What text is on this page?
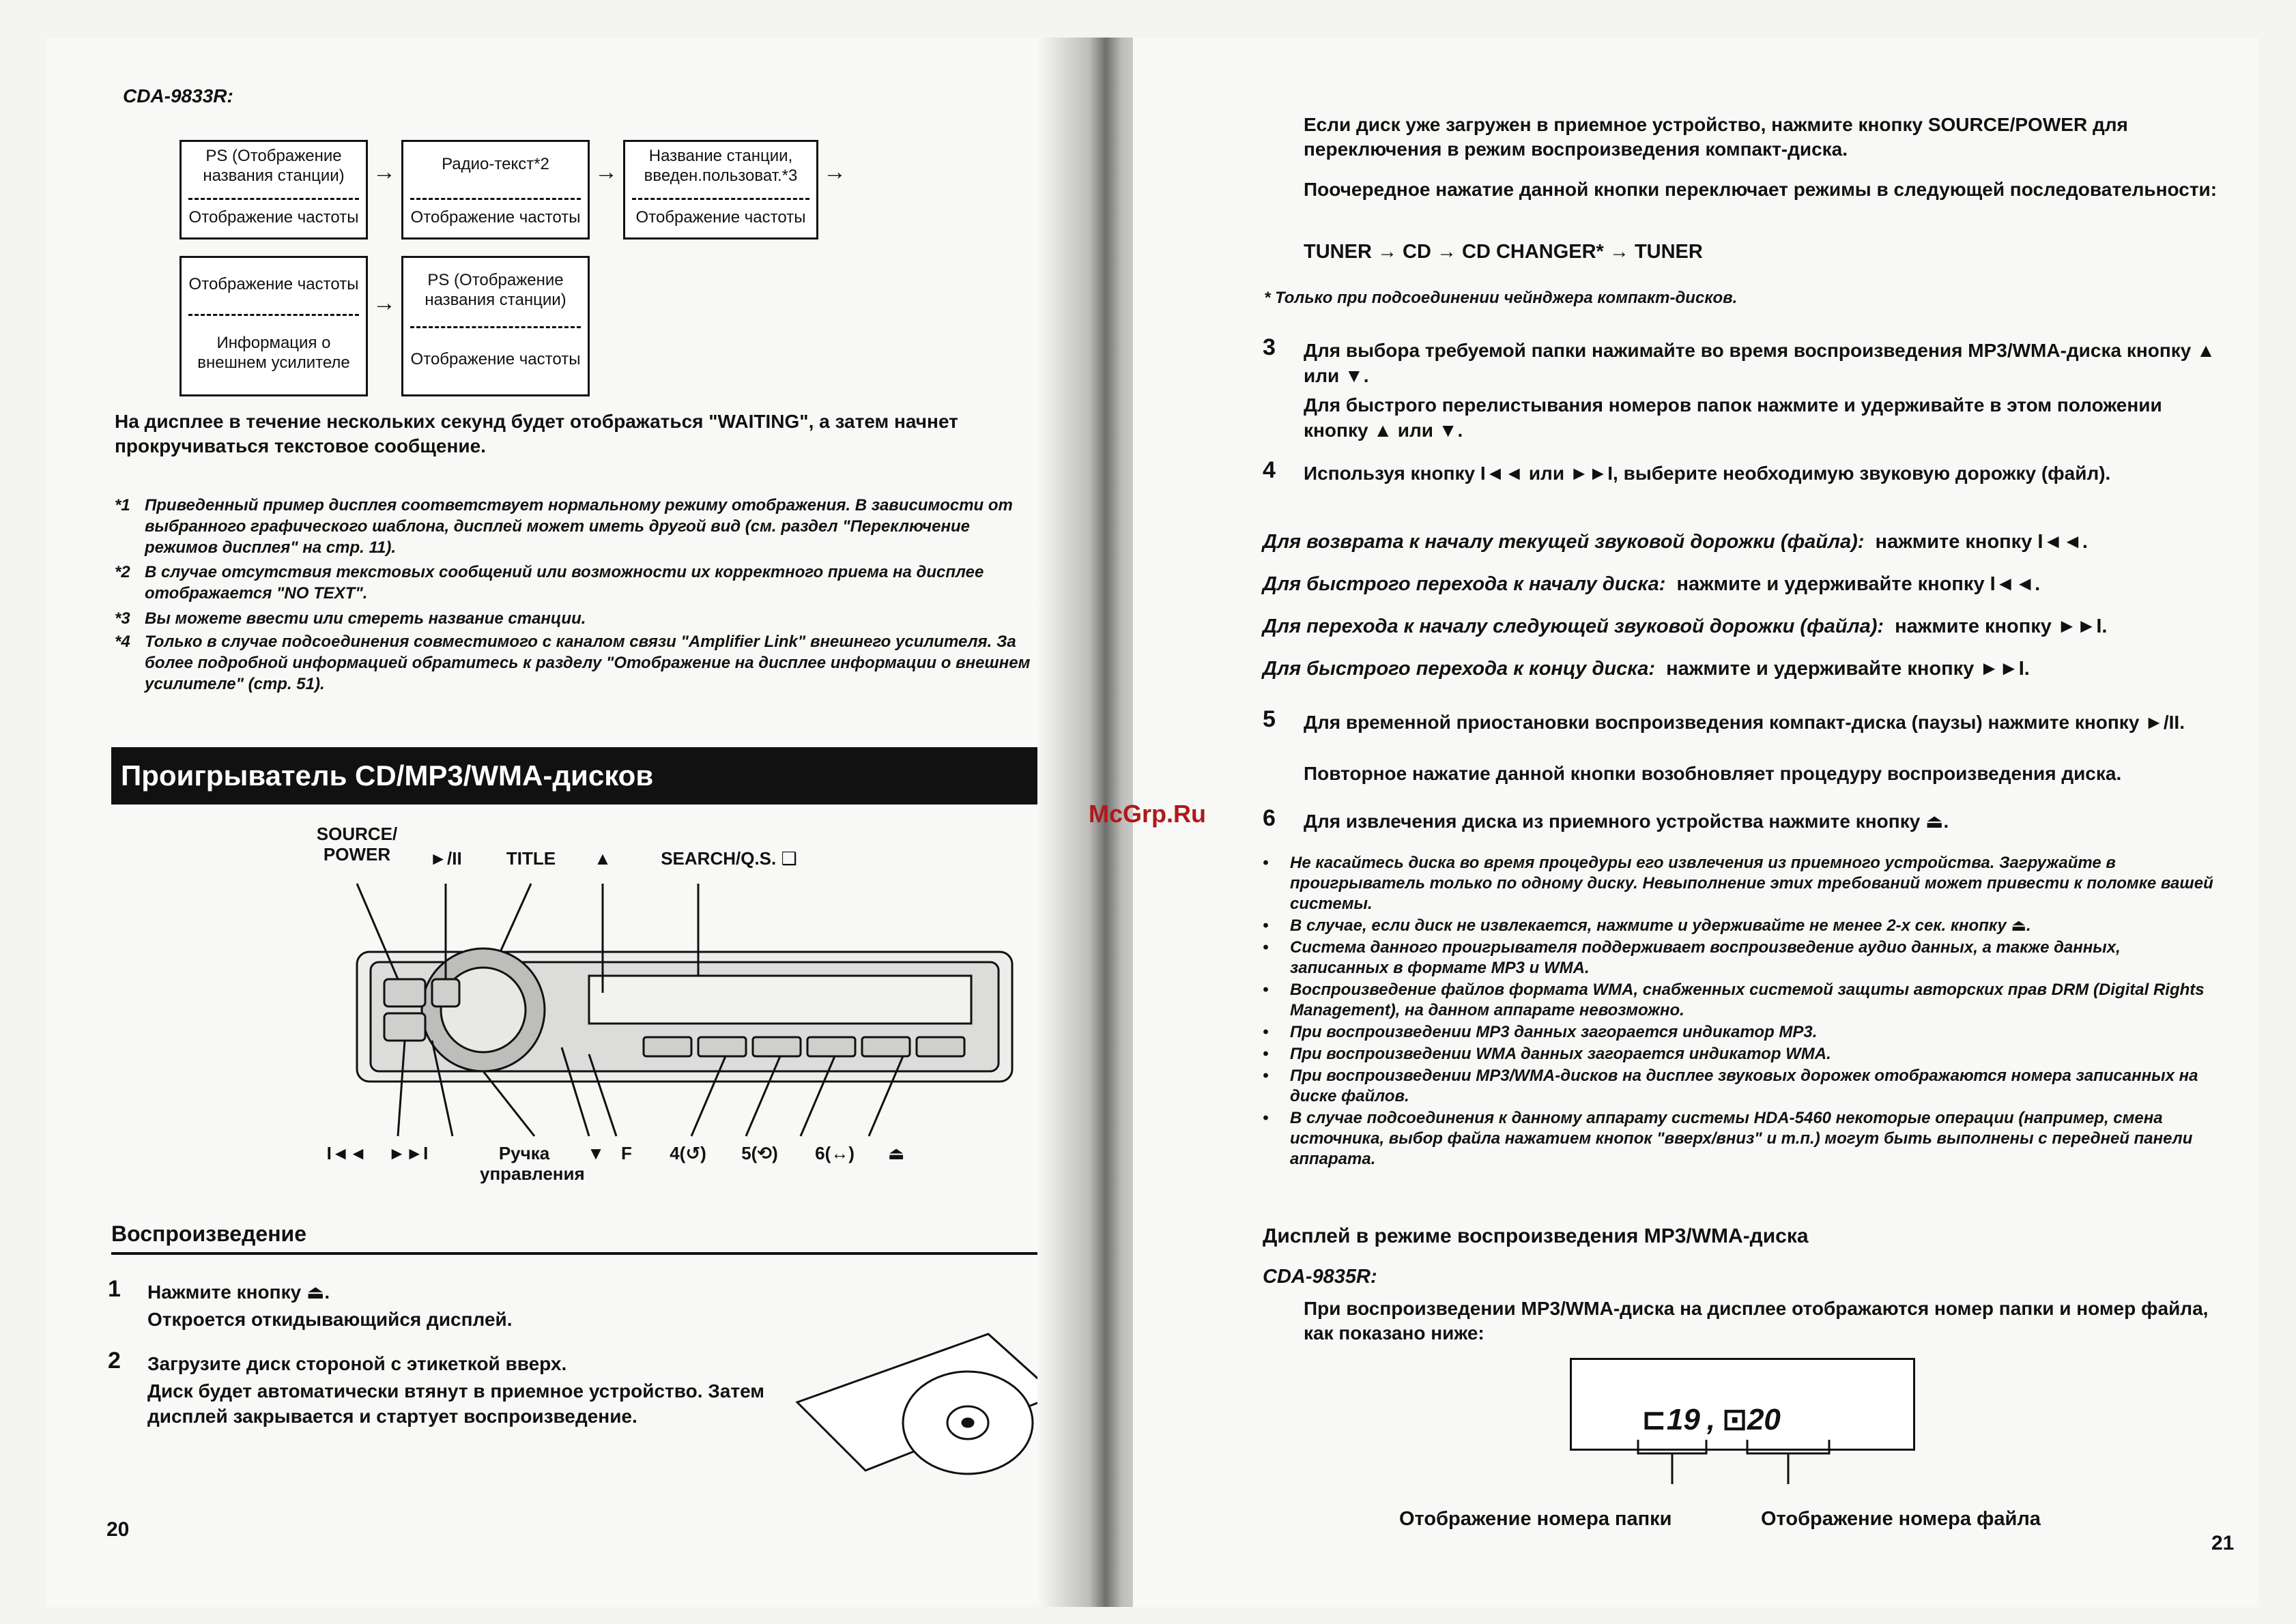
CDA-9833R:
PS (Отображение названия станции)
Отображение частоты
→	Радио-текст*2
Отображение частоты
→
Название станции, введен.пользоват.*3
Отображение частоты
→
Отображение частоты
Информация о внешнем усилителе
→
PS (Отображение названия станции)
Отображение частоты
На дисплее в течение нескольких секунд будет отображаться "WAITING", а затем начнет прокручиваться текстовое сообщение.
*1 Приведенный пример дисплея соответствует нормальному режиму отображения. В зависимости от выбранного графического шаблона, дисплей может иметь другой вид (см. раздел "Переключение режимов дисплея" на стр. 11).
*2 В случае отсутствия текстовых сообщений или возможности их корректного приема на дисплее отображается "NO TEXT".
*3 Вы можете ввести или стереть название станции.
*4 Только в случае подсоединения совместимого с каналом связи "Amplifier Link" внешнего усилителя. За более подробной информацией обратитесь к разделу "Отображение на дисплее информации о внешнем усилителе" (стр. 51).
Проигрыватель CD/MP3/WMA-дисков
SOURCE/ POWER	►/II	TITLE	▲	SEARCH/Q.S. ❑
I◄◄	►►I	Ручка управления
▼ F	4(↺)	5(⟲)	6(↔)	⏏
Воспроизведение
1 Нажмите кнопку ⏏.
Откроется откидывающийся дисплей.
2 Загрузите диск стороной с этикеткой вверх.
Диск будет автоматически втянут в приемное устройство. Затем дисплей закрывается и стартует воспроизведение.
20
Если диск уже загружен в приемное устройство, нажмите кнопку SOURCE/POWER для переключения в режим воспроизведения компакт-диска.
Поочередное нажатие данной кнопки переключает режимы в следующей последовательности:
TUNER → CD → CD CHANGER* → TUNER
* Только при подсоединении чейнджера компакт-дисков.
3 Для выбора требуемой папки нажимайте во время воспроизведения MP3/WMA-диска кнопку ▲ или ▼.
Для быстрого перелистывания номеров папок нажмите и удерживайте в этом положении кнопку ▲ или ▼.
4 Используя кнопку I◄◄ или ►►I, выберите необходимую звуковую дорожку (файл).
Для возврата к началу текущей звуковой дорожки (файла): нажмите кнопку I◄◄.
Для быстрого перехода к началу диска: нажмите и удерживайте кнопку I◄◄.
Для перехода к началу следующей звуковой дорожки (файла): нажмите кнопку ►►I.
Для быстрого перехода к концу диска: нажмите и удерживайте кнопку ►►I.
5 Для временной приостановки воспроизведения компакт-диска (паузы) нажмите кнопку ►/II.
Повторное нажатие данной кнопки возобновляет процедуру воспроизведения диска.
6 Для извлечения диска из приемного устройства нажмите кнопку ⏏.
• Не касайтесь диска во время процедуры его извлечения из приемного устройства. Загружайте в проигрыватель только по одному диску. Невыполнение этих требований может привести к поломке вашей системы.
• В случае, если диск не извлекается, нажмите и удерживайте не менее 2-х сек. кнопку ⏏.
• Система данного проигрывателя поддерживает воспроизведение аудио данных, а также данных, записанных в формате MP3 и WMA.
• Воспроизведение файлов формата WMA, снабженных системой защиты авторских прав DRM (Digital Rights Management), на данном аппарате невозможно.
• При воспроизведении MP3 данных загорается индикатор MP3.
• При воспроизведении WMA данных загорается индикатор WMA.
• При воспроизведении MP3/WMA-дисков на дисплее звуковых дорожек отображаются номера записанных на диске файлов.
• В случае подсоединения к данному аппарату системы HDA-5460 некоторые операции (например, смена источника, выбор файла нажатием кнопок "вверх/вниз" и т.п.) могут быть выполнены с передней панели аппарата.
Дисплей в режиме воспроизведения MP3/WMA-диска
CDA-9835R:
При воспроизведении MP3/WMA-диска на дисплее отображаются номер папки и номер файла, как показано ниже:
⊏19 , ⊡20
Отображение номера папки	Отображение номера файла
21
McGrp.Ru
